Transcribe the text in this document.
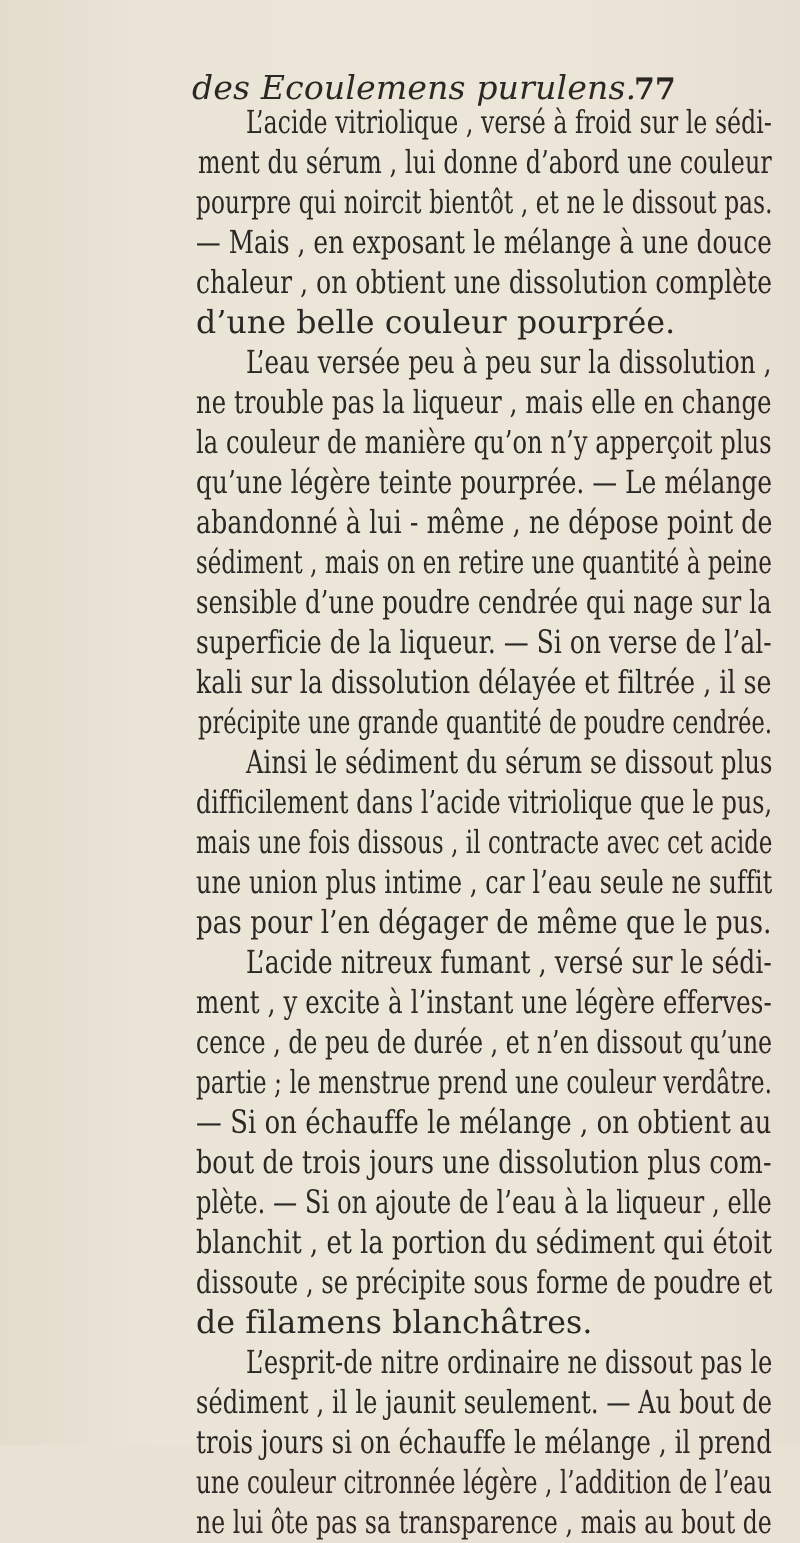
des Ecoulemens purulens.
77
L’acide vitriolique , versé à froid sur le sédi-
ment du sérum , lui donne d’abord une couleur
pourpre qui noircit bientôt , et ne le dissout pas.
— Mais , en exposant le mélange à une douce
chaleur , on obtient une dissolution complète
d’une belle couleur pourprée.
L’eau versée peu à peu sur la dissolution ,
ne trouble pas la liqueur , mais elle en change
la couleur de manière qu’on n’y apperçoit plus
qu’une légère teinte pourprée. — Le mélange
abandonné à lui - même , ne dépose point de
sédiment , mais on en retire une quantité à peine
sensible d’une poudre cendrée qui nage sur la
superficie de la liqueur. — Si on verse de l’al-
kali sur la dissolution délayée et filtrée , il se
précipite une grande quantité de poudre cendrée.
Ainsi le sédiment du sérum se dissout plus
difficilement dans l’acide vitriolique que le pus,
mais une fois dissous , il contracte avec cet acide
une union plus intime , car l’eau seule ne suffit
pas pour l’en dégager de même que le pus.
L’acide nitreux fumant , versé sur le sédi-
ment , y excite à l’instant une légère efferves-
cence , de peu de durée , et n’en dissout qu’une
partie ; le menstrue prend une couleur verdâtre.
— Si on échauffe le mélange , on obtient au
bout de trois jours une dissolution plus com-
plète. — Si on ajoute de l’eau à la liqueur , elle
blanchit , et la portion du sédiment qui étoit
dissoute , se précipite sous forme de poudre et
de filamens blanchâtres.
L’esprit-de nitre ordinaire ne dissout pas le
sédiment , il le jaunit seulement. — Au bout de
trois jours si on échauffe le mélange , il prend
une couleur citronnée légère , l’addition de l’eau
ne lui ôte pas sa transparence , mais au bout de
